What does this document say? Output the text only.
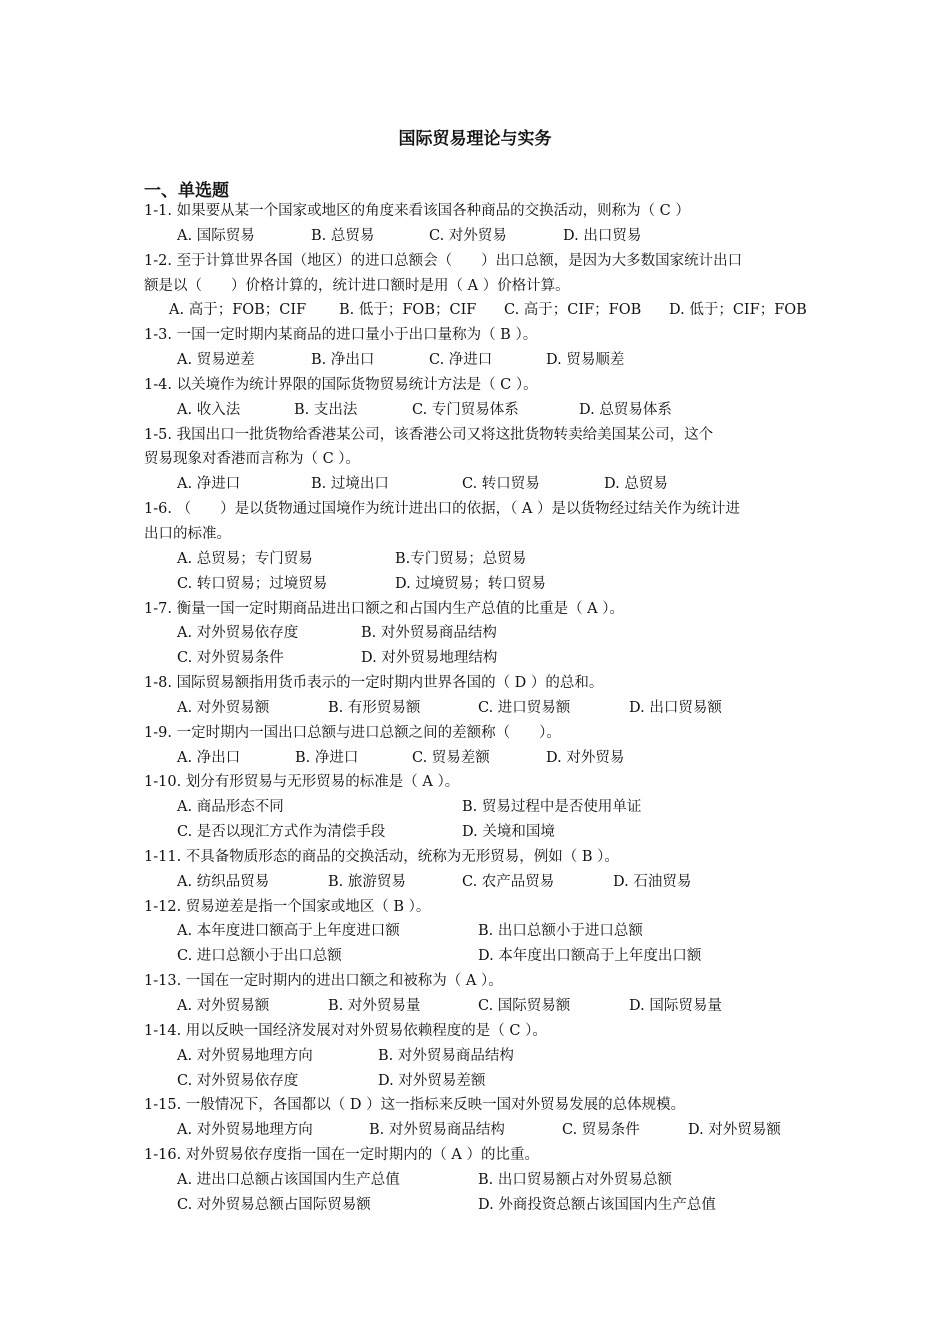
国际贸易理论与实务
一、单选题
1-1. 如果要从某一个国家或地区的角度来看该国各种商品的交换活动，则称为（ C ）
A. 国际贸易	B. 总贸易	C. 对外贸易	D. 出口贸易
1-2. 至于计算世界各国（地区）的进口总额会（　　）出口总额，是因为大多数国家统计出口
额是以（　　）价格计算的，统计进口额时是用（ A ）价格计算。
A. 高于；FOB；CIF B. 低于；FOB；CIF C. 高于；CIF；FOB D. 低于；CIF；FOB
1-3. 一国一定时期内某商品的进口量小于出口量称为（ B ）。
A. 贸易逆差	B. 净出口	C. 净进口	D. 贸易顺差
1-4. 以关境作为统计界限的国际货物贸易统计方法是（ C ）。
A. 收入法	B. 支出法	C. 专门贸易体系	D. 总贸易体系
1-5. 我国出口一批货物给香港某公司，该香港公司又将这批货物转卖给美国某公司，这个
贸易现象对香港而言称为（ C ）。
A. 净进口	B. 过境出口	C. 转口贸易	D. 总贸易
1-6. （　　）是以货物通过国境作为统计进出口的依据，（ A ）是以货物经过结关作为统计进
出口的标准。
A. 总贸易；专门贸易	B.专门贸易；总贸易
C. 转口贸易；过境贸易	D. 过境贸易；转口贸易
1-7. 衡量一国一定时期商品进出口额之和占国内生产总值的比重是（ A ）。
A. 对外贸易依存度	B. 对外贸易商品结构
C. 对外贸易条件	D. 对外贸易地理结构
1-8. 国际贸易额指用货币表示的一定时期内世界各国的（ D ）的总和。
A. 对外贸易额	B. 有形贸易额	C. 进口贸易额	D. 出口贸易额
1-9. 一定时期内一国出口总额与进口总额之间的差额称（　　）。
A. 净出口	B. 净进口	C. 贸易差额	D. 对外贸易
1-10. 划分有形贸易与无形贸易的标准是（ A ）。
A. 商品形态不同	B. 贸易过程中是否使用单证
C. 是否以现汇方式作为清偿手段	D. 关境和国境
1-11. 不具备物质形态的商品的交换活动，统称为无形贸易，例如（ B ）。
A. 纺织品贸易	B. 旅游贸易	C. 农产品贸易	D. 石油贸易
1-12. 贸易逆差是指一个国家或地区（ B ）。
A. 本年度进口额高于上年度进口额	B. 出口总额小于进口总额
C. 进口总额小于出口总额	D. 本年度出口额高于上年度出口额
1-13. 一国在一定时期内的进出口额之和被称为（ A ）。
A. 对外贸易额	B. 对外贸易量	C. 国际贸易额	D. 国际贸易量
1-14. 用以反映一国经济发展对对外贸易依赖程度的是（ C ）。
A. 对外贸易地理方向	B. 对外贸易商品结构
C. 对外贸易依存度	D. 对外贸易差额
1-15. 一般情况下，各国都以（ D ）这一指标来反映一国对外贸易发展的总体规模。
A. 对外贸易地理方向	B. 对外贸易商品结构	C. 贸易条件	D. 对外贸易额
1-16. 对外贸易依存度指一国在一定时期内的（ A ）的比重。
A. 进出口总额占该国国内生产总值	B. 出口贸易额占对外贸易总额
C. 对外贸易总额占国际贸易额	D. 外商投资总额占该国国内生产总值
